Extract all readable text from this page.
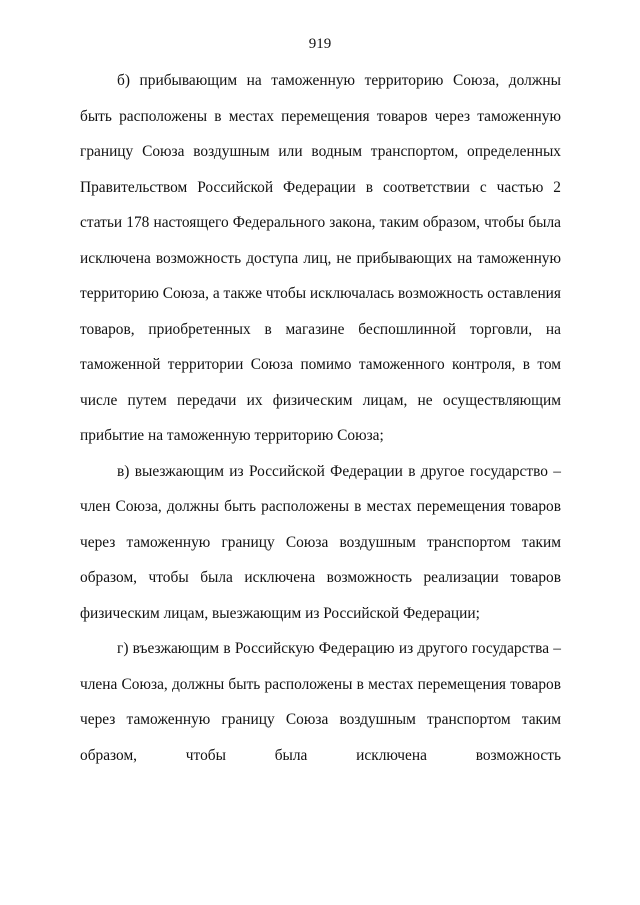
919

б) прибывающим на таможенную территорию Союза, должны быть расположены в местах перемещения товаров через таможенную границу Союза воздушным или водным транспортом, определенных Правительством Российской Федерации в соответствии с частью 2 статьи 178 настоящего Федерального закона, таким образом, чтобы была исключена возможность доступа лиц, не прибывающих на таможенную территорию Союза, а также чтобы исключалась возможность оставления товаров, приобретенных в магазине беспошлинной торговли, на таможенной территории Союза помимо таможенного контроля, в том числе путем передачи их физическим лицам, не осуществляющим прибытие на таможенную территорию Союза;

в) выезжающим из Российской Федерации в другое государство – член Союза, должны быть расположены в местах перемещения товаров через таможенную границу Союза воздушным транспортом таким образом, чтобы была исключена возможность реализации товаров физическим лицам, выезжающим из Российской Федерации;

г) въезжающим в Российскую Федерацию из другого государства – члена Союза, должны быть расположены в местах перемещения товаров через таможенную границу Союза воздушным транспортом таким образом, чтобы была исключена возможность
